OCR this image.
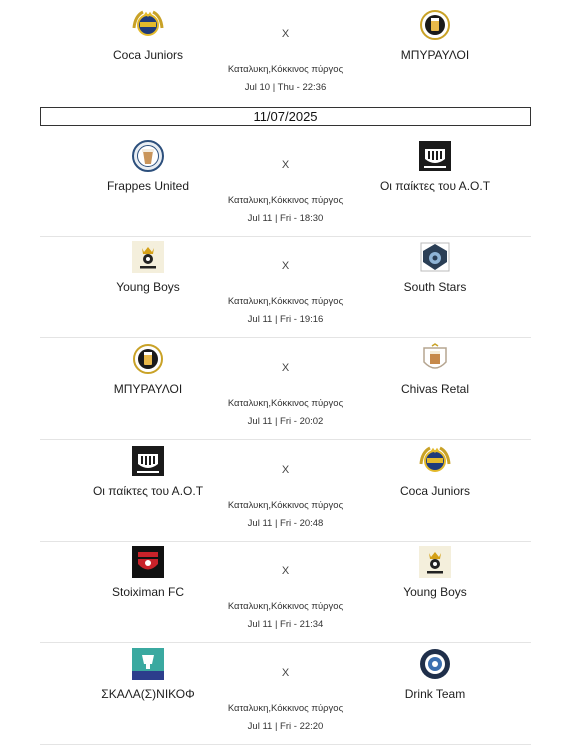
Coca Juniors
X
ΜΠΥΡΑΥΛΟΙ
Καταλυκη,Κόκκινος πύργος
Jul 10 | Thu - 22:36
Frappes United
X
Οι παίκτες του Α.Ο.Τ
Καταλυκη,Κόκκινος πύργος
Jul 11 | Fri - 18:30
Young Boys
X
South Stars
Καταλυκη,Κόκκινος πύργος
Jul 11 | Fri - 19:16
ΜΠΥΡΑΥΛΟΙ
X
Chivas Retal
Καταλυκη,Κόκκινος πύργος
Jul 11 | Fri - 20:02
Οι παίκτες του Α.Ο.Τ
X
Coca Juniors
Καταλυκη,Κόκκινος πύργος
Jul 11 | Fri - 20:48
Stoiximan FC
X
Young Boys
Καταλυκη,Κόκκινος πύργος
Jul 11 | Fri - 21:34
ΣΚΑΛΑ(Σ)ΝΙΚΟΦ
X
Drink Team
Καταλυκη,Κόκκινος πύργος
Jul 11 | Fri - 22:20
11/07/2025
